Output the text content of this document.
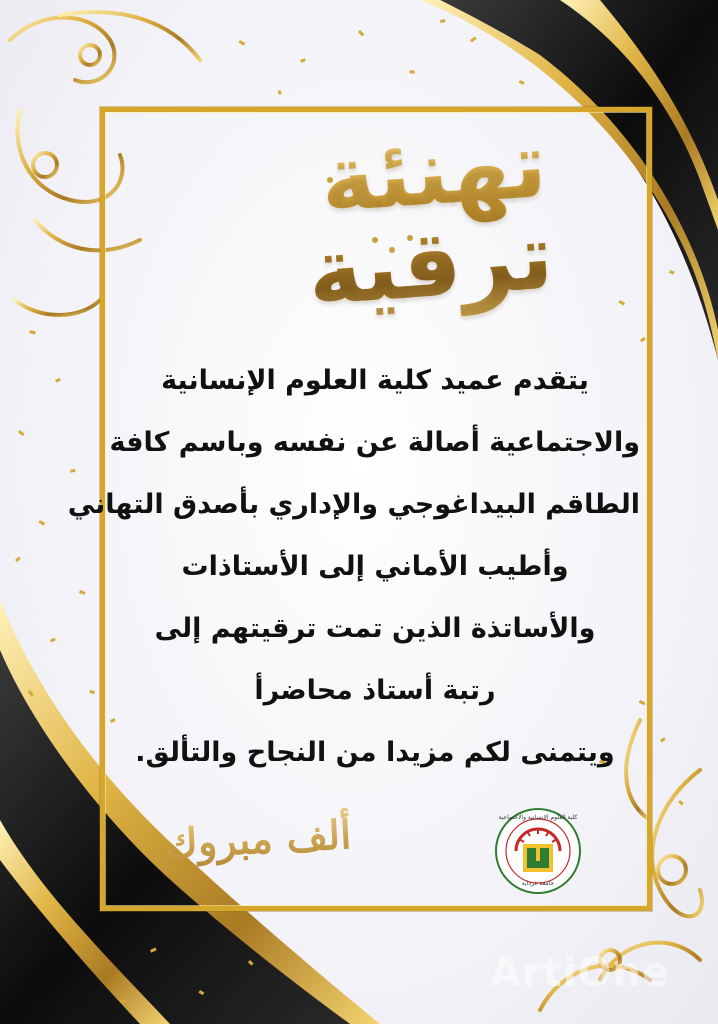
تهنئة ترقية
يتقدم عميد كلية العلوم الإنسانية
والاجتماعية أصالة عن نفسه وباسم كافة
الطاقم البيداغوجي والإداري بأصدق التهاني
وأطيب الأماني إلى الأستاذات
والأساتذة الذين تمت ترقيتهم إلى
رتبة أستاذ محاضرأ
ويتمنى لكم مزيدا من النجاح والتألق.
ألف مبروك الترقية
كلية العلوم الإنسانية والاجتماعية
جامعة غرداية
ArtiOne
